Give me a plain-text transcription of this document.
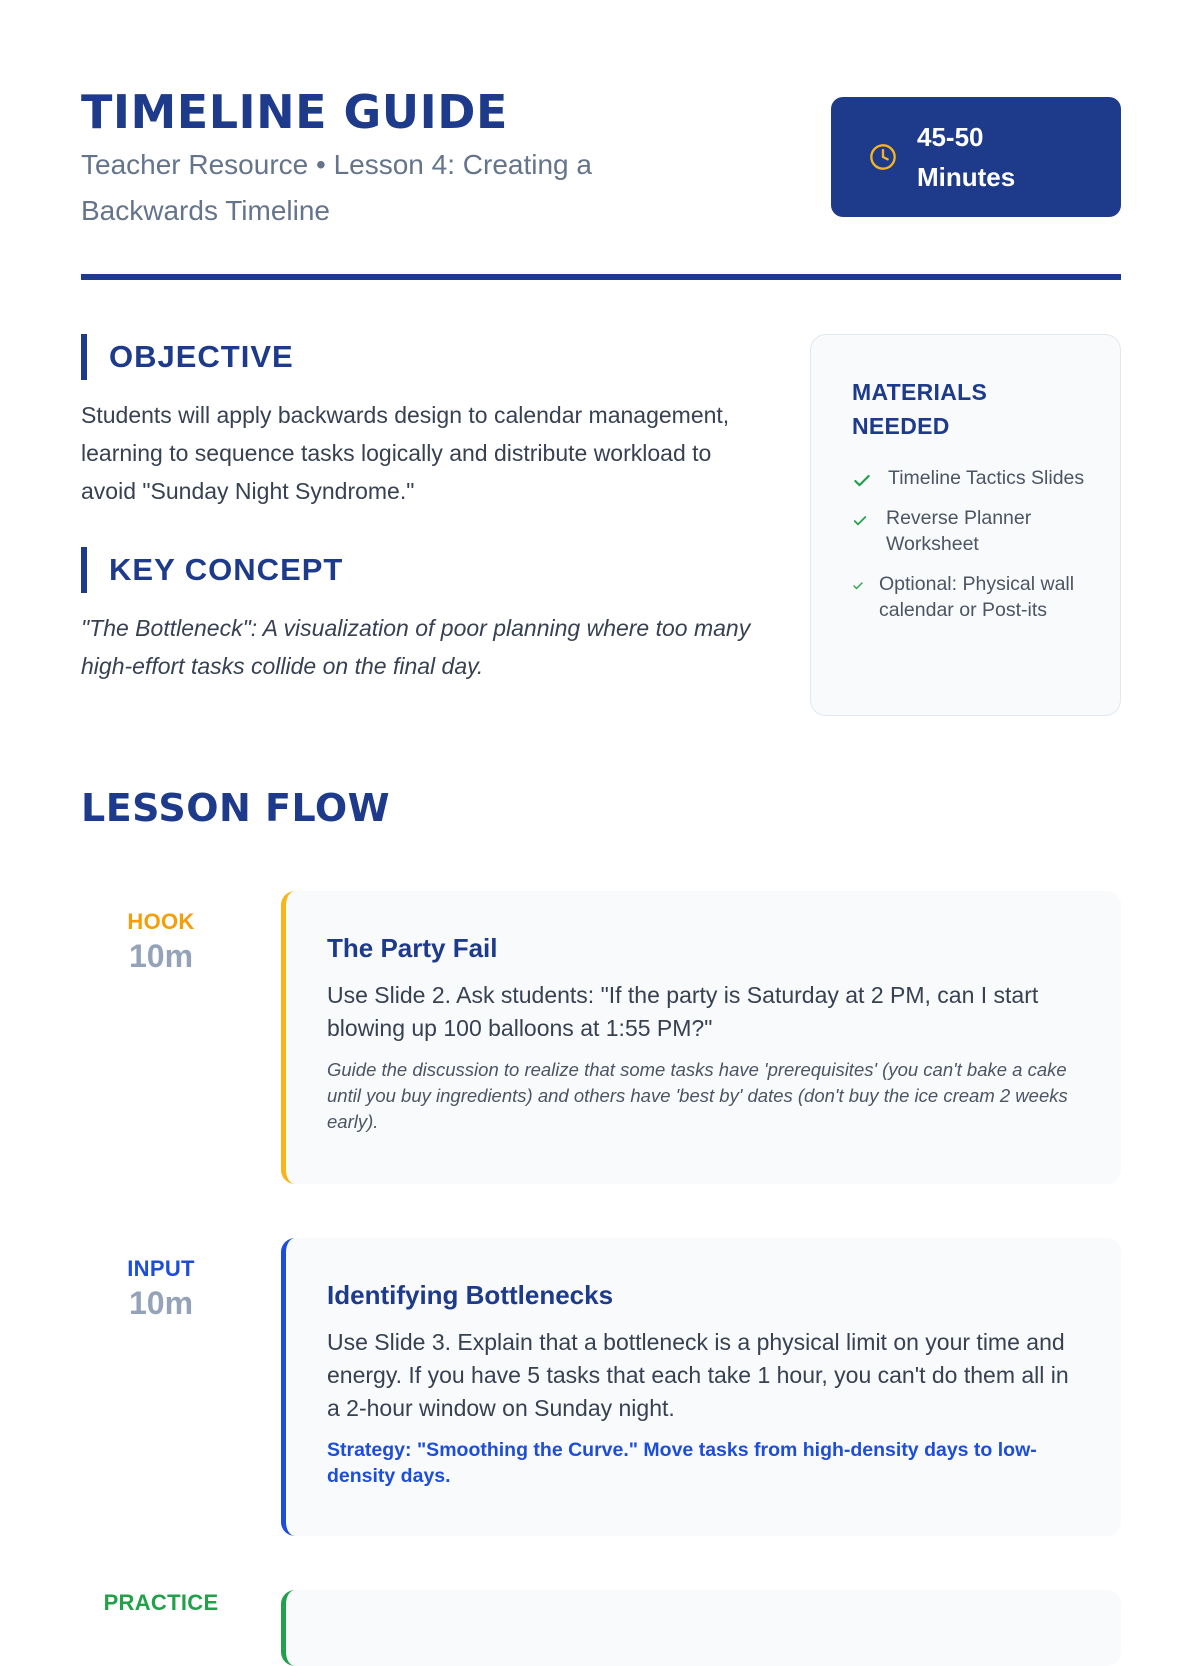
TIMELINE GUIDE
Teacher Resource • Lesson 4: Creating a Backwards Timeline
45-50 Minutes
OBJECTIVE
Students will apply backwards design to calendar management, learning to sequence tasks logically and distribute workload to avoid "Sunday Night Syndrome."
KEY CONCEPT
"The Bottleneck": A visualization of poor planning where too many high-effort tasks collide on the final day.
MATERIALS NEEDED
Timeline Tactics Slides
Reverse Planner Worksheet
Optional: Physical wall calendar or Post-its
LESSON FLOW
HOOK
10m	The Party Fail
Use Slide 2. Ask students: "If the party is Saturday at 2 PM, can I start blowing up 100 balloons at 1:55 PM?"
Guide the discussion to realize that some tasks have 'prerequisites' (you can't bake a cake until you buy ingredients) and others have 'best by' dates (don't buy the ice cream 2 weeks early).
INPUT
10m	Identifying Bottlenecks
Use Slide 3. Explain that a bottleneck is a physical limit on your time and energy. If you have 5 tasks that each take 1 hour, you can't do them all in a 2-hour window on Sunday night.
Strategy: "Smoothing the Curve." Move tasks from high-density days to low-density days.
PRACTICE
